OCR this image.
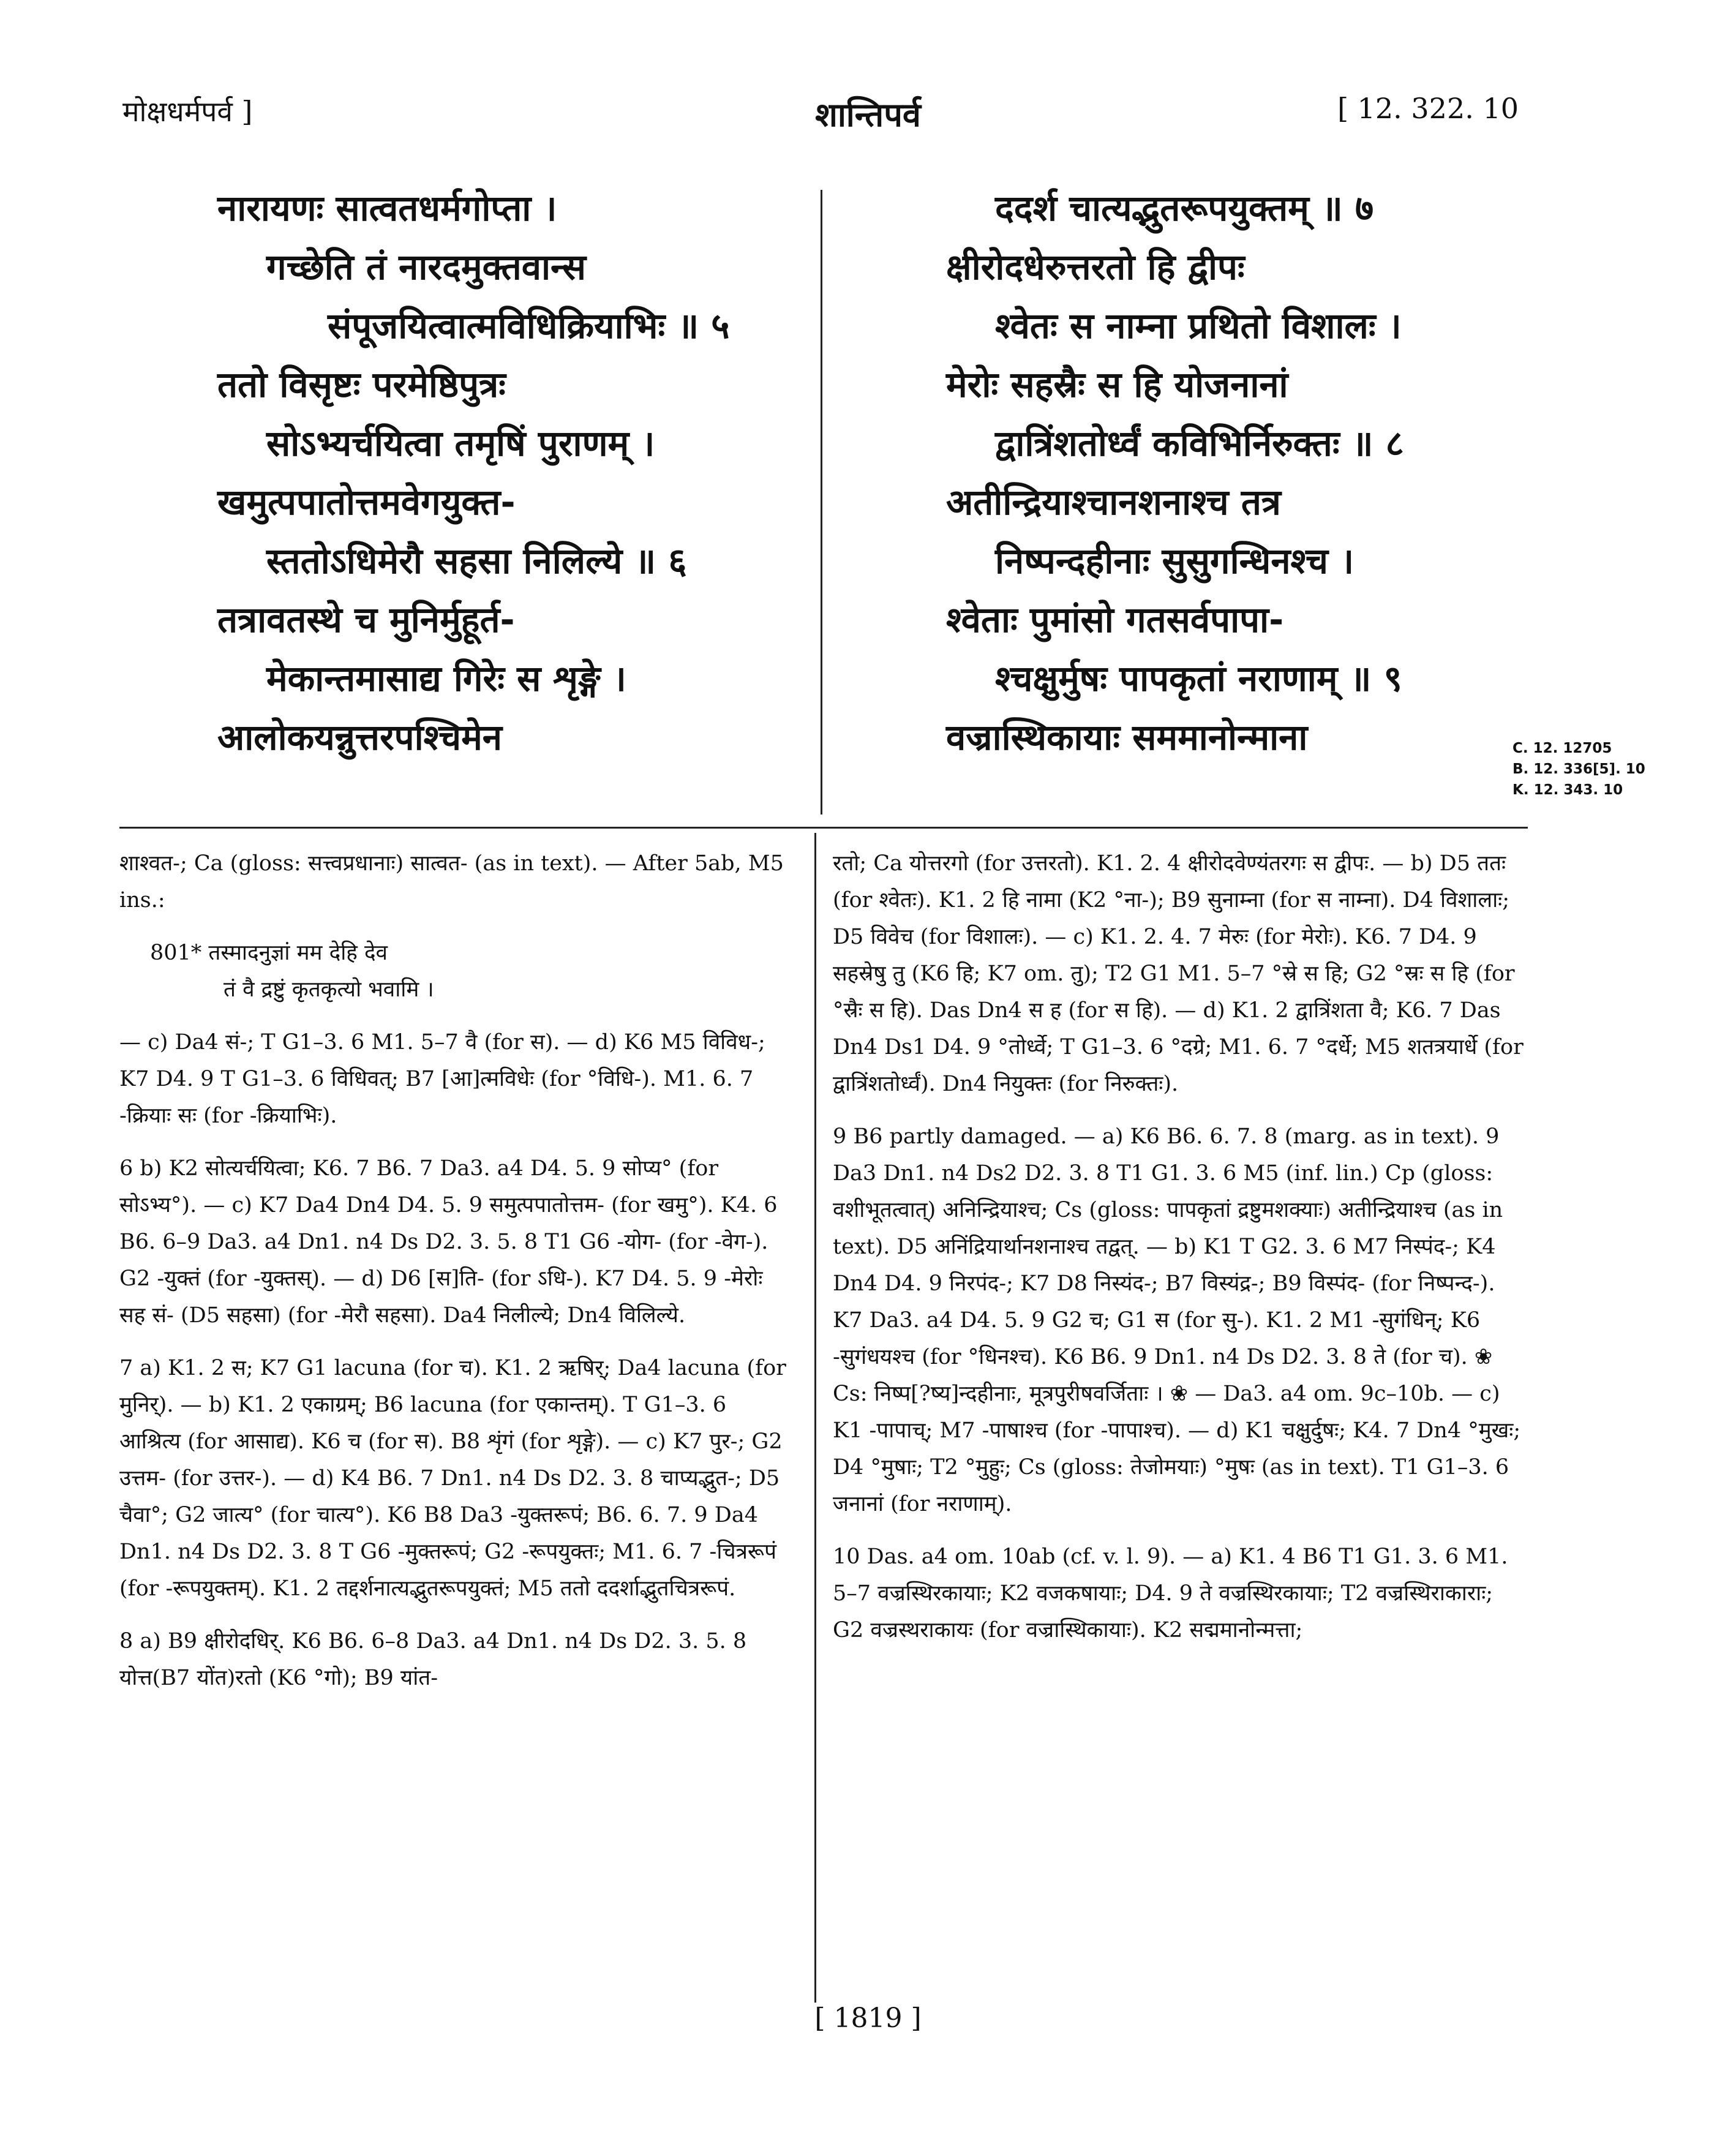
मोक्षधर्मपर्व ]	शान्तिपर्व	[ 12. 322. 10
नारायणः सात्वतधर्मगोप्ता ।
गच्छेति तं नारदमुक्तवान्स
संपूजयित्वात्मविधिक्रियाभिः ॥ ५
ततो विसृष्टः परमेष्ठिपुत्रः
सोऽभ्यर्चयित्वा तमृषिं पुराणम् ।
खमुत्पपातोत्तमवेगयुक्त-
स्ततोऽधिमेरौ सहसा निलिल्ये ॥ ६
तत्रावतस्थे च मुनिर्मुहूर्त-
मेकान्तमासाद्य गिरेः स शृङ्गे ।
आलोकयन्नुत्तरपश्चिमेन
ददर्श चात्यद्भुतरूपयुक्तम् ॥ ७
क्षीरोदधेरुत्तरतो हि द्वीपः
श्वेतः स नाम्ना प्रथितो विशालः ।
मेरोः सहस्रैः स हि योजनानां
द्वात्रिंशतोर्ध्वं कविभिर्निरुक्तः ॥ ८
अतीन्द्रियाश्चानशनाश्च तत्र
निष्पन्दहीनाः सुसुगन्धिनश्च ।
श्वेताः पुमांसो गतसर्वपापा-
श्चक्षुर्मुषः पापकृतां नराणाम् ॥ ९
वज्रास्थिकायाः सममानोन्माना	C. 12. 12705
B. 12. 336[5]. 10
K. 12. 343. 10

शाश्वत-; Ca (gloss: सत्त्वप्रधानाः) सात्वत- (as in text). — After 5ab, M5 ins.:

801* तस्मादनुज्ञां मम देहि देव

तं वै द्रष्टुं कृतकृत्यो भवामि ।

— c) Da4 सं-; T G1–3. 6 M1. 5–7 वै (for स). — d) K6 M5 विविध-; K7 D4. 9 T G1–3. 6 विधिवत्; B7 [आ]त्मविधेः (for °विधि-). M1. 6. 7 -क्रियाः सः (for -क्रियाभिः).

6 b) K2 सोत्यर्चयित्वा; K6. 7 B6. 7 Da3. a4 D4. 5. 9 सोप्य° (for सोऽभ्य°). — c) K7 Da4 Dn4 D4. 5. 9 समुत्पपातोत्तम- (for खमु°). K4. 6 B6. 6–9 Da3. a4 Dn1. n4 Ds D2. 3. 5. 8 T1 G6 -योग- (for -वेग-). G2 -युक्तं (for -युक्तस्). — d) D6 [स]ति- (for ऽधि-). K7 D4. 5. 9 -मेरोः सह सं- (D5 सहसा) (for -मेरौ सहसा). Da4 निलील्ये; Dn4 विलिल्ये.

7 a) K1. 2 स; K7 G1 lacuna (for च). K1. 2 ऋषिर्; Da4 lacuna (for मुनिर्). — b) K1. 2 एकाग्रम्; B6 lacuna (for एकान्तम्). T G1–3. 6 आश्रित्य (for आसाद्य). K6 च (for स). B8 शृंगं (for शृङ्गे). — c) K7 पुर-; G2 उत्तम- (for उत्तर-). — d) K4 B6. 7 Dn1. n4 Ds D2. 3. 8 चाप्यद्भुत-; D5 चैवा°; G2 जात्य° (for चात्य°). K6 B8 Da3 -युक्तरूपं; B6. 6. 7. 9 Da4 Dn1. n4 Ds D2. 3. 8 T G6 -मुक्तरूपं; G2 -रूपयुक्तः; M1. 6. 7 -चित्ररूपं (for -रूपयुक्तम्). K1. 2 तद्दर्शनात्यद्भुतरूपयुक्तं; M5 ततो ददर्शाद्भुतचित्ररूपं.

8 a) B9 क्षीरोदधिर्. K6 B6. 6–8 Da3. a4 Dn1. n4 Ds D2. 3. 5. 8 योत्त(B7 योंत)रतो (K6 °गो); B9 यांत-

रतो; Ca योत्तरगो (for उत्तरतो). K1. 2. 4 क्षीरोदवेण्यंतरगः स द्वीपः. — b) D5 ततः (for श्वेतः). K1. 2 हि नामा (K2 °ना-); B9 सुनाम्ना (for स नाम्ना). D4 विशालाः; D5 विवेच (for विशालः). — c) K1. 2. 4. 7 मेरुः (for मेरोः). K6. 7 D4. 9 सहस्रेषु तु (K6 हि; K7 om. तु); T2 G1 M1. 5–7 °स्रे स हि; G2 °स्रः स हि (for °स्रैः स हि). Das Dn4 स ह (for स हि). — d) K1. 2 द्वात्रिंशता वै; K6. 7 Das Dn4 Ds1 D4. 9 °तोर्ध्वे; T G1–3. 6 °दग्रे; M1. 6. 7 °दर्धे; M5 शतत्रयार्धे (for द्वात्रिंशतोर्ध्वं). Dn4 नियुक्तः (for निरुक्तः).

9 B6 partly damaged. — a) K6 B6. 6. 7. 8 (marg. as in text). 9 Da3 Dn1. n4 Ds2 D2. 3. 8 T1 G1. 3. 6 M5 (inf. lin.) Cp (gloss: वशीभूतत्वात्) अनिन्द्रियाश्च; Cs (gloss: पापकृतां द्रष्टुमशक्याः) अतीन्द्रियाश्च (as in text). D5 अनिंद्रियार्थानशनाश्च तद्वत्. — b) K1 T G2. 3. 6 M7 निस्पंद-; K4 Dn4 D4. 9 निरपंद-; K7 D8 निस्यंद-; B7 विस्यंद्र-; B9 विस्पंद- (for निष्पन्द-). K7 Da3. a4 D4. 5. 9 G2 च; G1 स (for सु-). K1. 2 M1 -सुगंधिन्; K6 -सुगंधयश्च (for °धिनश्च). K6 B6. 9 Dn1. n4 Ds D2. 3. 8 ते (for च). ❀ Cs: निष्प[?ष्य]न्दहीनाः, मूत्रपुरीषवर्जिताः । ❀ — Da3. a4 om. 9c–10b. — c) K1 -पापाच्; M7 -पाषाश्च (for -पापाश्च). — d) K1 चक्षुर्दुषः; K4. 7 Dn4 °मुखः; D4 °मुषाः; T2 °मुहुः; Cs (gloss: तेजोमयाः) °मुषः (as in text). T1 G1–3. 6 जनानां (for नराणाम्).

10 Das. a4 om. 10ab (cf. v. l. 9). — a) K1. 4 B6 T1 G1. 3. 6 M1. 5–7 वज्रस्थिरकायाः; K2 वजकषायाः; D4. 9 ते वज्रस्थिरकायाः; T2 वज्रस्थिराकाराः; G2 वज्रस्थराकायः (for वज्रास्थिकायाः). K2 सद्ममानोन्मत्ता;

[ 1819 ]
